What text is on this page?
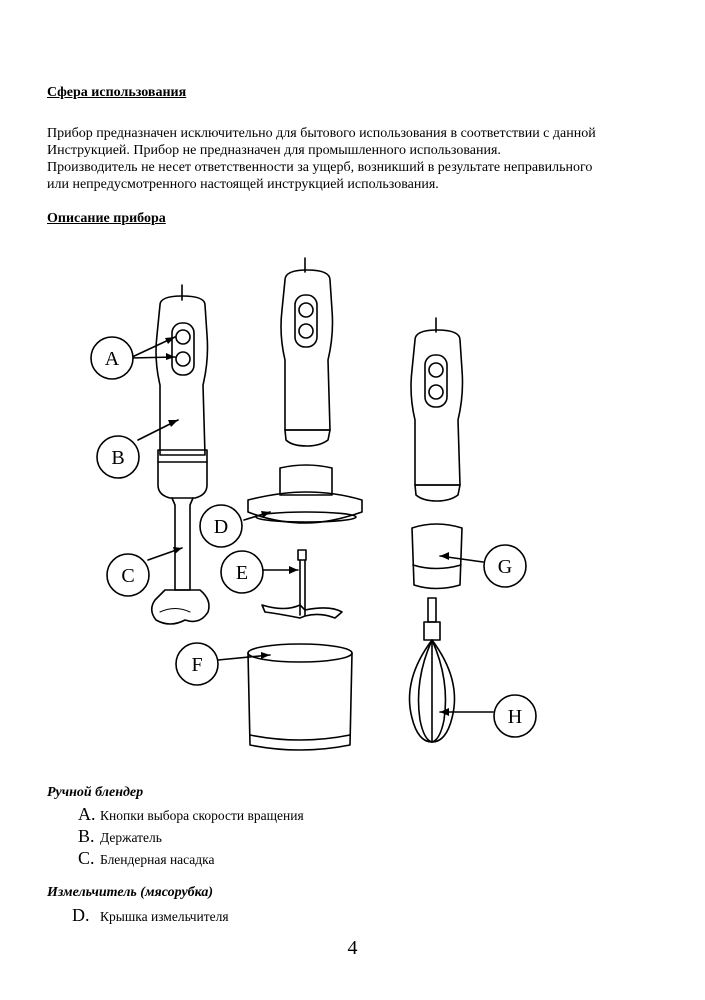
Сфера использования
Прибор предназначен исключительно для бытового использования в соответствии с данной
Инструкцией. Прибор не предназначен для промышленного использования.
Производитель не несет ответственности за ущерб, возникший в результате неправильного
или непредусмотренного настоящей инструкцией использования.
Описание прибора
A
B
C
D
E
F
G
H
Ручной блендер
A. Кнопки выбора скорости вращения
B. Держатель
C. Блендерная насадка
Измельчитель (мясорубка)
D. Крышка измельчителя
4
